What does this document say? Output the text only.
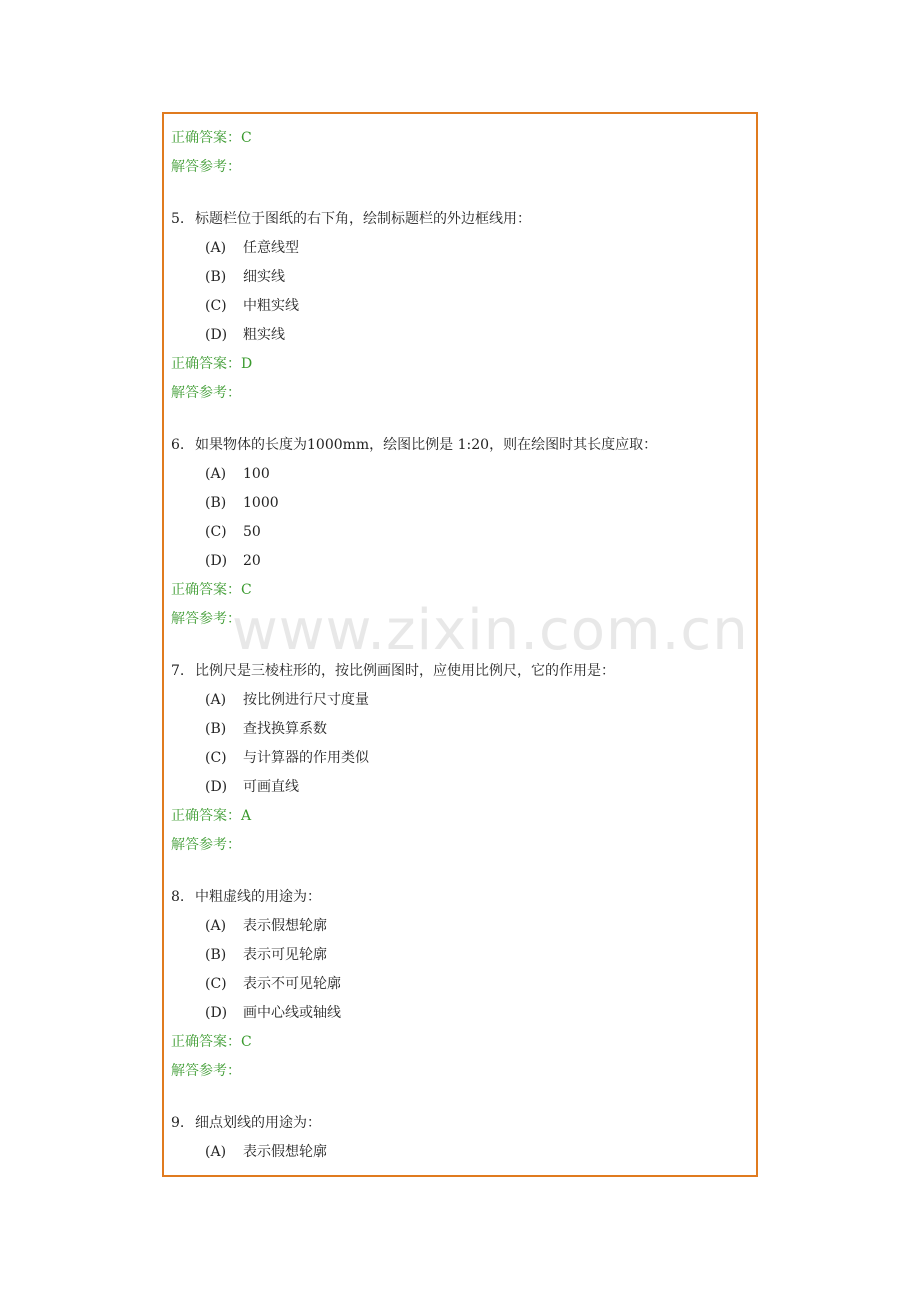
正确答案：C
解答参考：
5. 标题栏位于图纸的右下角，绘制标题栏的外边框线用：
(A) 任意线型
(B) 细实线
(C) 中粗实线
(D) 粗实线
正确答案：D
解答参考：
6. 如果物体的长度为1000mm，绘图比例是 1:20，则在绘图时其长度应取：
(A) 100
(B) 1000
(C) 50
(D) 20
正确答案：C
解答参考：
7. 比例尺是三棱柱形的，按比例画图时，应使用比例尺，它的作用是：
(A) 按比例进行尺寸度量
(B) 查找换算系数
(C) 与计算器的作用类似
(D) 可画直线
正确答案：A
解答参考：
8. 中粗虚线的用途为：
(A) 表示假想轮廓
(B) 表示可见轮廓
(C) 表示不可见轮廓
(D) 画中心线或轴线
正确答案：C
解答参考：
9. 细点划线的用途为：
(A) 表示假想轮廓
www.zixin.com.cn
